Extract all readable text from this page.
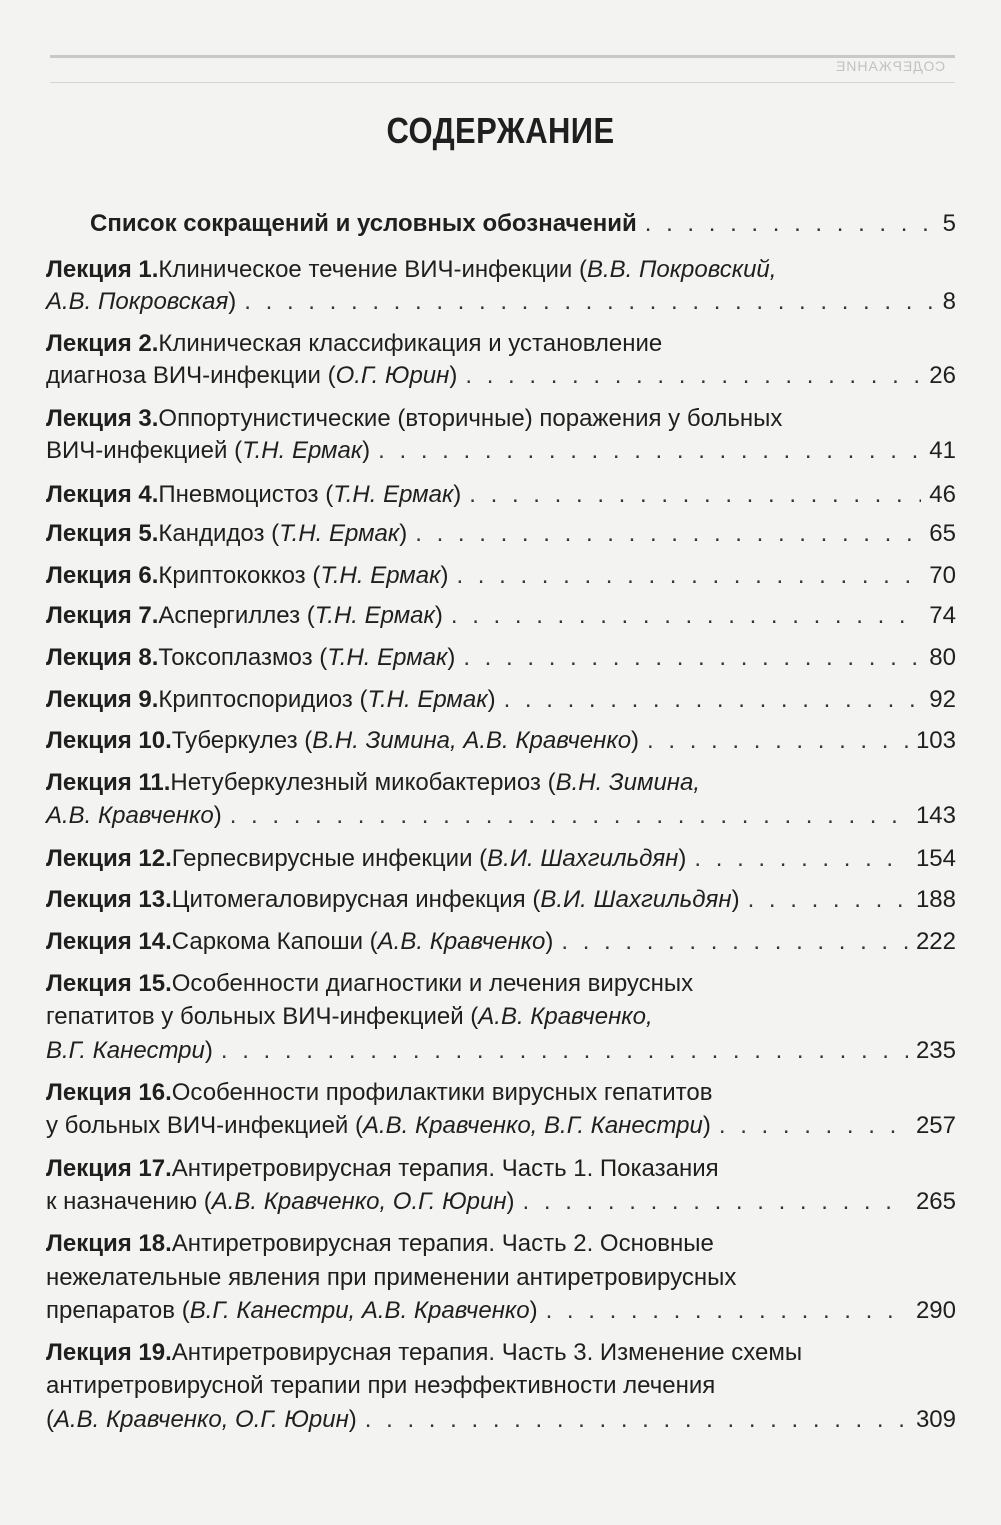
СОДЕРЖАНИЕ
СОДЕРЖАНИЕ
Список сокращений и условных обозначений . . .	5
Лекция 1. Клиническое течение ВИЧ-инфекции ( В.В. Покровский,
А.В. Покровская ) . . .	8
Лекция 2. Клиническая классификация и установление
диагноза ВИЧ-инфекции ( О.Г. Юрин ) . . .	26
Лекция 3. Оппортунистические (вторичные) поражения у больных
ВИЧ-инфекцией ( Т.Н. Ермак ) . . .	41
Лекция 4. Пневмоцистоз ( Т.Н. Ермак ) . . .	46
Лекция 5. Кандидоз ( Т.Н. Ермак ) . . .	65
Лекция 6. Криптококкоз ( Т.Н. Ермак ) . . .	70
Лекция 7. Аспергиллез ( Т.Н. Ермак ) . . .	74
Лекция 8. Токсоплазмоз ( Т.Н. Ермак ) . . .	80
Лекция 9. Криптоспоридиоз ( Т.Н. Ермак ) . . .	92
Лекция 10. Туберкулез ( В.Н. Зимина, А.В. Кравченко ) . . .	103
Лекция 11. Нетуберкулезный микобактериоз ( В.Н. Зимина,
А.В. Кравченко ) . . .	143
Лекция 12. Герпесвирусные инфекции ( В.И. Шахгильдян ) . . .	154
Лекция 13. Цитомегаловирусная инфекция ( В.И. Шахгильдян ) . . .	188
Лекция 14. Саркома Капоши ( А.В. Кравченко ) . . .	222
Лекция 15. Особенности диагностики и лечения вирусных
гепатитов у больных ВИЧ-инфекцией ( А.В. Кравченко,
В.Г. Канестри ) . . .	235
Лекция 16. Особенности профилактики вирусных гепатитов
у больных ВИЧ-инфекцией ( А.В. Кравченко, В.Г. Канестри ) . . .	257
Лекция 17. Антиретровирусная терапия. Часть 1. Показания
к назначению ( А.В. Кравченко, О.Г. Юрин ) . . .	265
Лекция 18. Антиретровирусная терапия. Часть 2. Основные
нежелательные явления при применении антиретровирусных
препаратов ( В.Г. Канестри, А.В. Кравченко ) . . .	290
Лекция 19. Антиретровирусная терапия. Часть 3. Изменение схемы
антиретровирусной терапии при неэффективности лечения
( А.В. Кравченко, О.Г. Юрин ) . . .	309
